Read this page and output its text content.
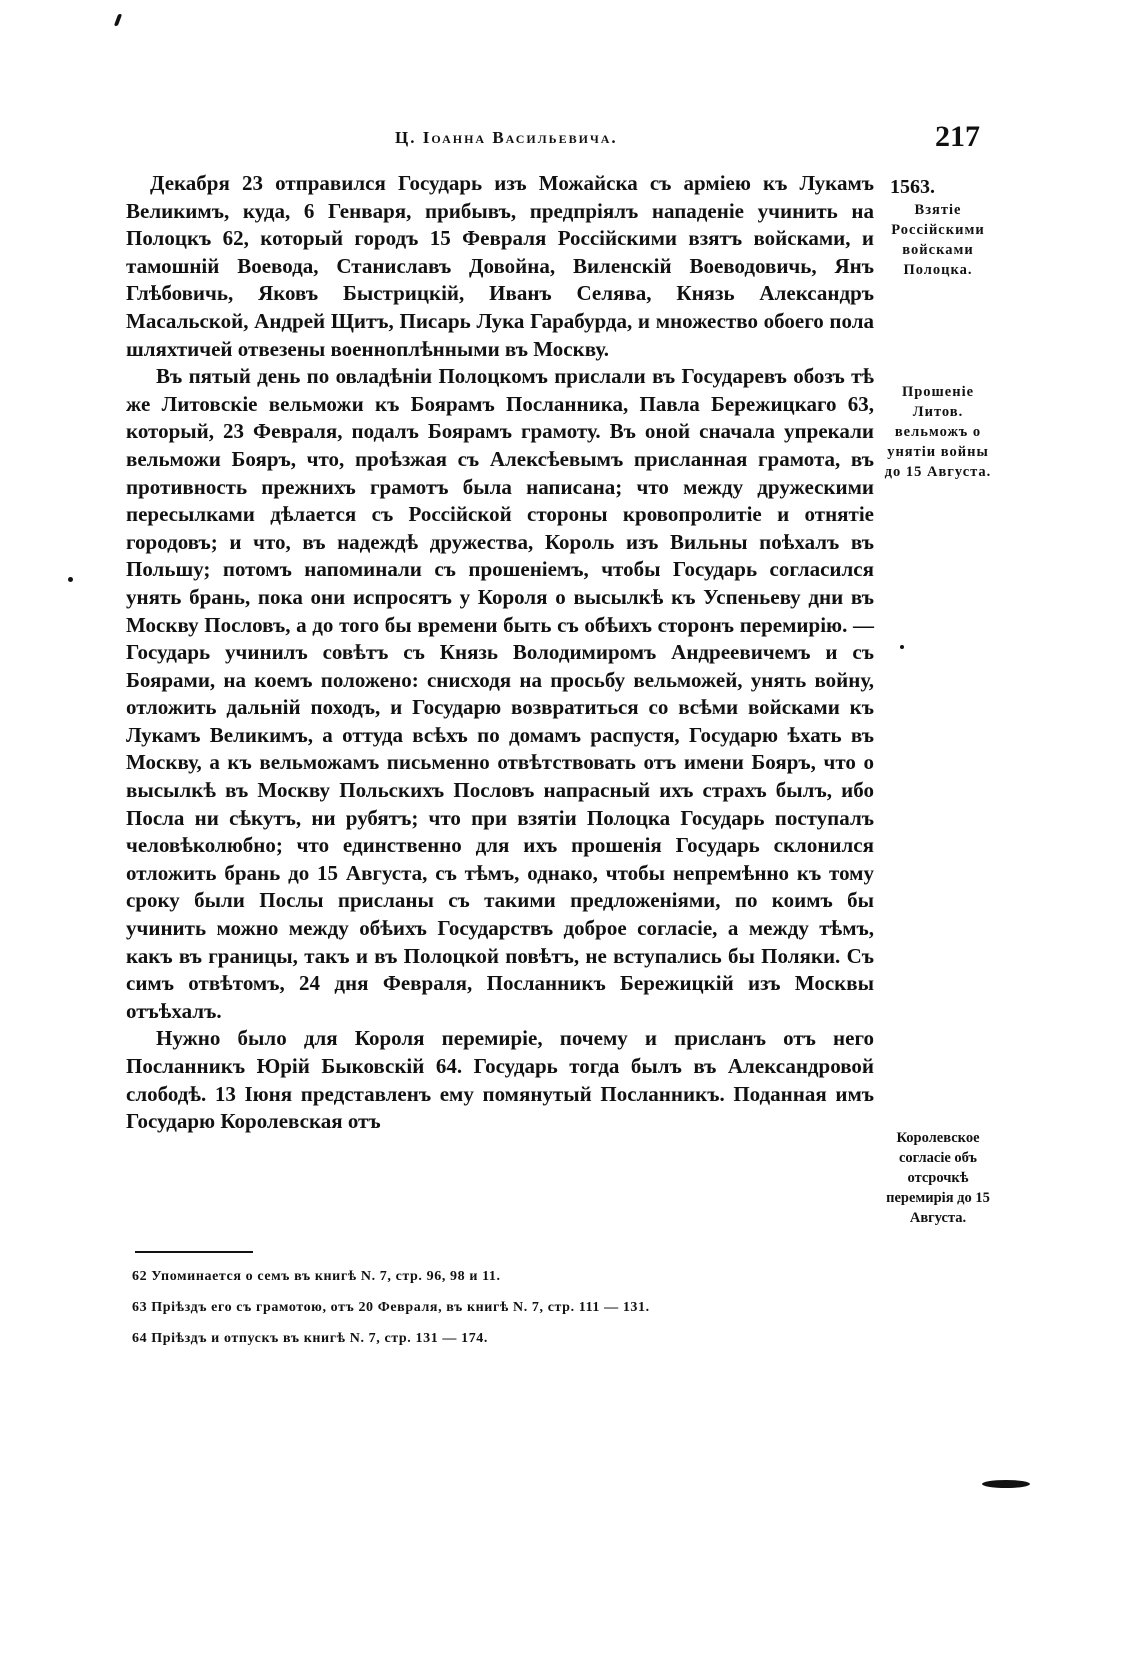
Ц. Іоанна Васильевича.	217

Декабря 23 отправился Государь изъ Можайска съ арміею къ Лукамъ Великимъ, куда, 6 Генваря, прибывъ, предпріялъ нападеніе учинить на Полоцкъ 62, который городъ 15 Февраля Россійскими взятъ войсками, и тамошній Воевода, Станиславъ Довойна, Виленскій Воеводовичь, Янъ Глѣбовичь, Яковъ Быстрицкій, Иванъ Селява, Князь Александръ Масальской, Андрей Щитъ, Писарь Лука Гарабурда, и множество обоего пола шляхтичей отвезены военноплѣнными въ Москву.

Въ пятый день по овладѣніи Полоцкомъ прислали въ Государевъ обозъ тѣ же Литовскіе вельможи къ Боярамъ Посланника, Павла Бережицкаго 63, который, 23 Февраля, подалъ Боярамъ грамоту. Въ оной сначала упрекали вельможи Бояръ, что, проѣзжая съ Алексѣевымъ присланная грамота, въ противность прежнихъ грамотъ была написана; что между дружескими пересылками дѣлается съ Россійской стороны кровопролитіе и отнятіе городовъ; и что, въ надеждѣ дружества, Король изъ Вильны поѣхалъ въ Польшу; потомъ напоминали съ прошеніемъ, чтобы Государь согласился унять брань, пока они испросятъ у Короля о высылкѣ къ Успеньеву дни въ Москву Пословъ, а до того бы времени быть съ обѣихъ сторонъ перемирію. — Государь учинилъ совѣтъ съ Князь Володимиромъ Андреевичемъ и съ Боярами, на коемъ положено: снисходя на просьбу вельможей, унять войну, отложить дальній походъ, и Государю возвратиться со всѣми войсками къ Лукамъ Великимъ, а оттуда всѣхъ по домамъ распустя, Государю ѣхать въ Москву, а къ вельможамъ письменно отвѣтствовать отъ имени Бояръ, что о высылкѣ въ Москву Польскихъ Пословъ напрасный ихъ страхъ былъ, ибо Посла ни сѣкутъ, ни рубятъ; что при взятіи Полоцка Государь поступалъ человѣколюбно; что единственно для ихъ прошенія Государь склонился отложить брань до 15 Августа, съ тѣмъ, однако, чтобы непремѣнно къ тому сроку были Послы присланы съ такими предложеніями, по коимъ бы учинить можно между обѣихъ Государствъ доброе согласіе, а между тѣмъ, какъ въ границы, такъ и въ Полоцкой повѣтъ, не вступались бы Поляки. Съ симъ отвѣтомъ, 24 дня Февраля, Посланникъ Бережицкій изъ Москвы отъѣхалъ.

Нужно было для Короля перемиріе, почему и присланъ отъ него Посланникъ Юрій Быковскій 64. Государь тогда былъ въ Александровой слободѣ. 13 Іюня представленъ ему помянутый Посланникъ. Поданная имъ Государю Королевская отъ

1563.
Взятіе Россійскими войсками Полоцка.
Прошеніе Литов. вельможъ о унятіи войны до 15 Августа.
Королевское согласіе объ отсрочкѣ перемирія до 15 Августа.

62 Упоминается о семъ въ книгѣ N. 7, стр. 96, 98 и 11.

63 Пріѣздъ его съ грамотою, отъ 20 Февраля, въ книгѣ N. 7, стр. 111 — 131.

64 Пріѣздъ и отпускъ въ книгѣ N. 7, стр. 131 — 174.
